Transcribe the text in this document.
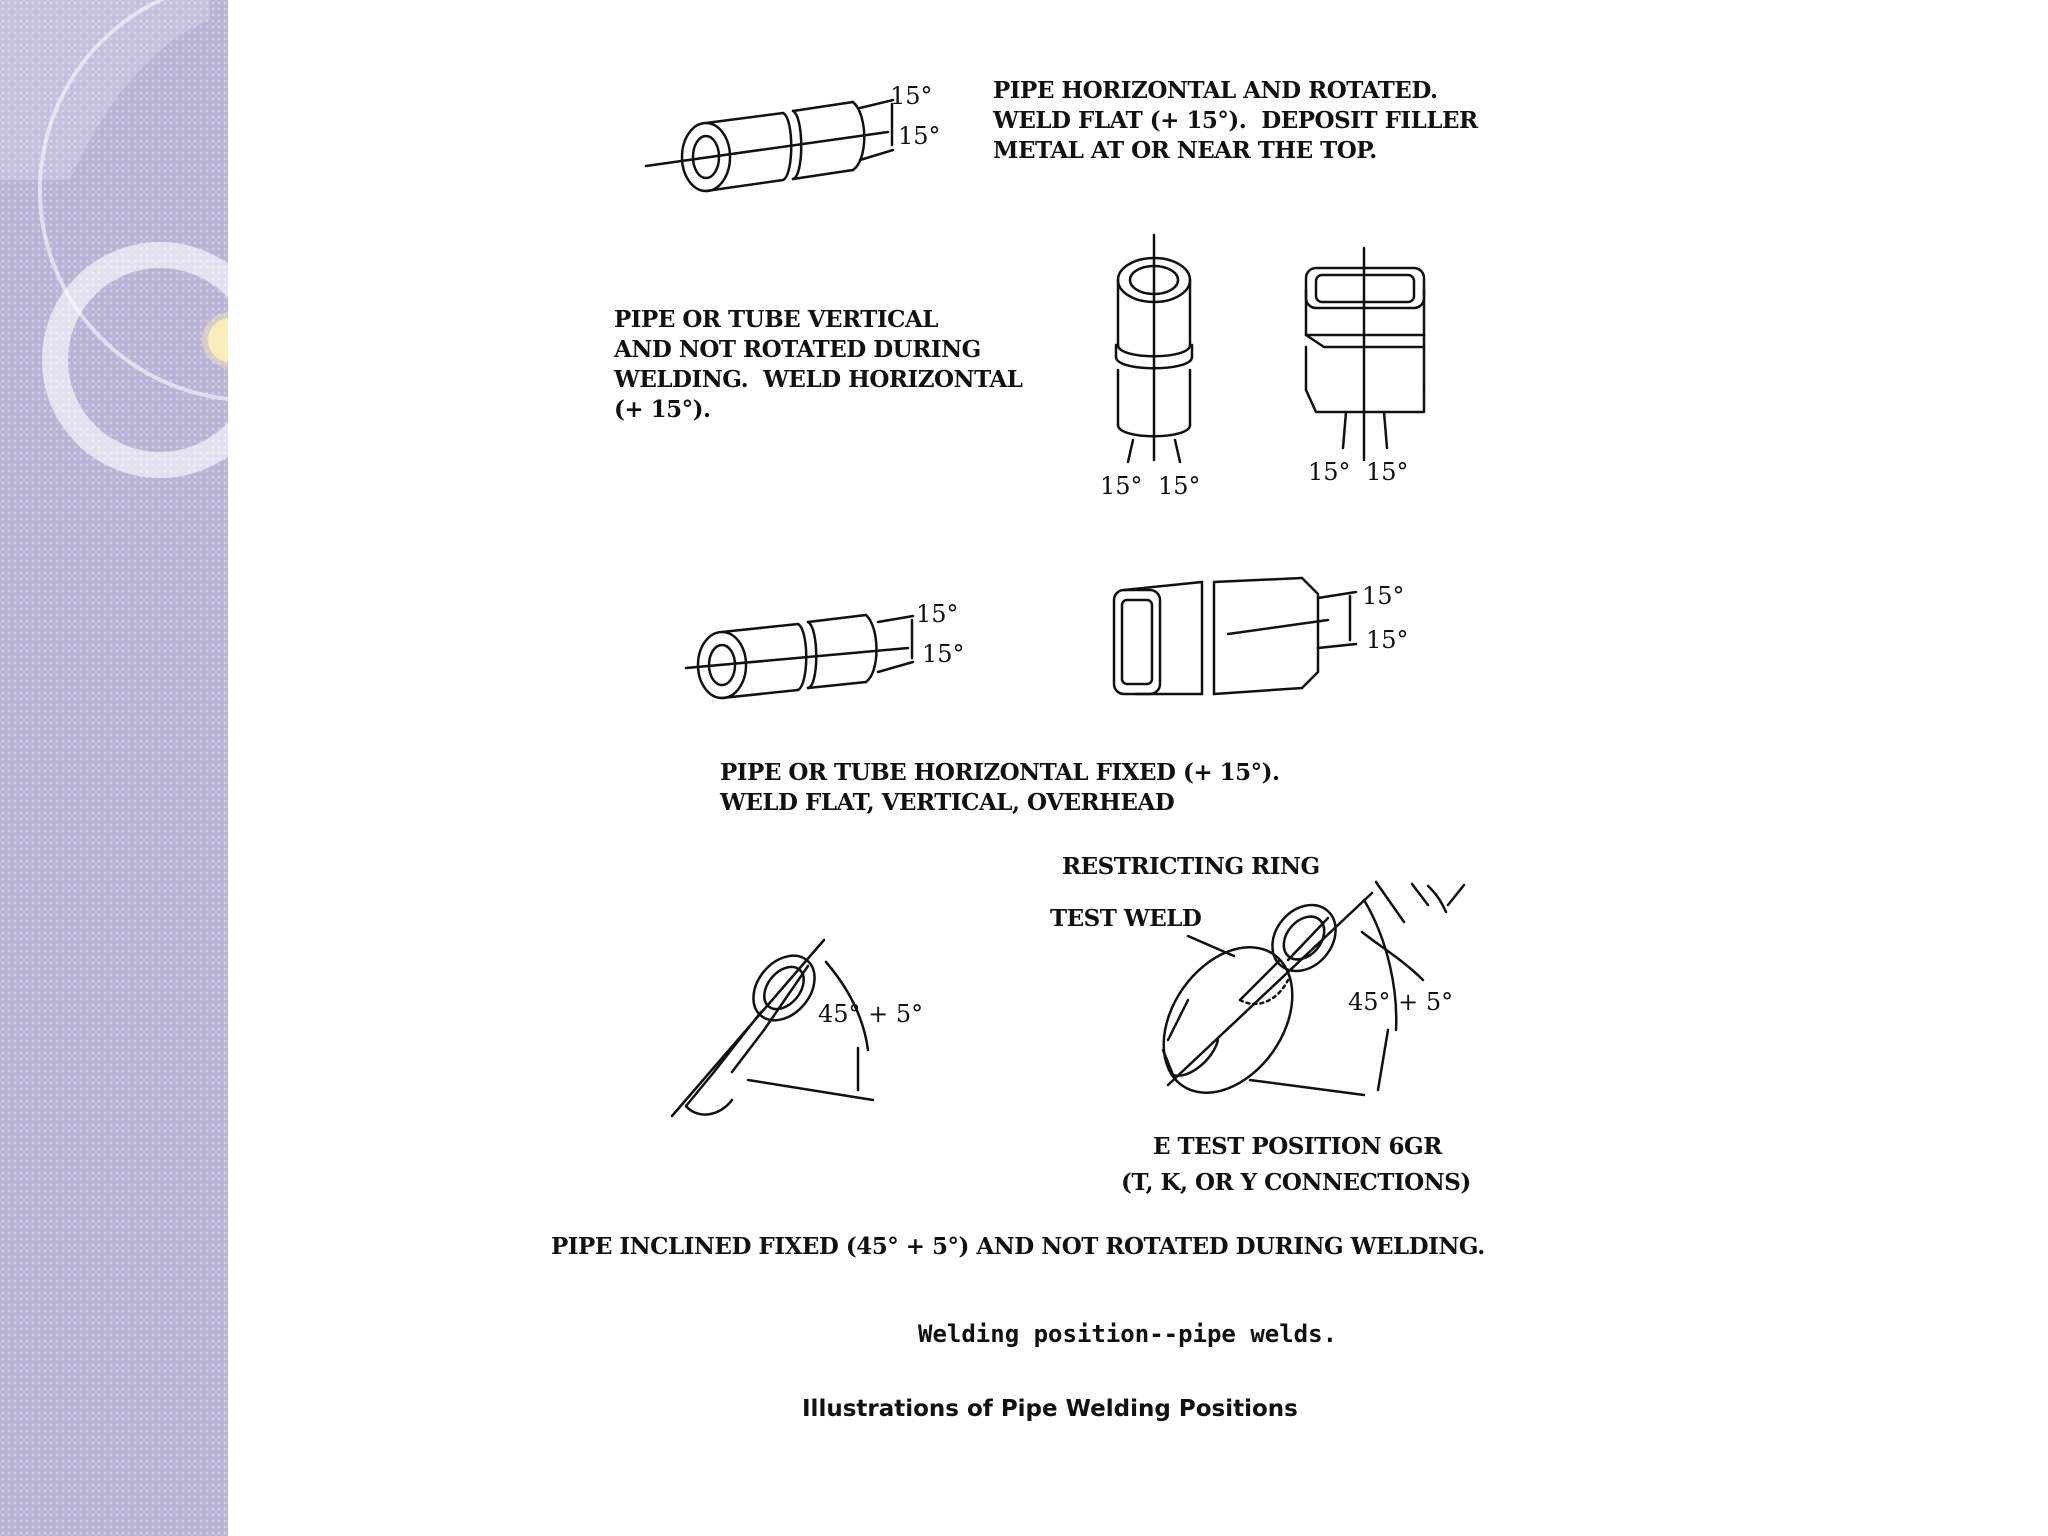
PIPE HORIZONTAL AND ROTATED.
WELD FLAT (+ 15°).  DEPOSIT FILLER
METAL AT OR NEAR THE TOP.
PIPE OR TUBE VERTICAL
AND NOT ROTATED DURING
WELDING.  WELD HORIZONTAL
(+ 15°).
PIPE OR TUBE HORIZONTAL FIXED (+ 15°).
WELD FLAT, VERTICAL, OVERHEAD
RESTRICTING RING
TEST WELD
E TEST POSITION 6GR
(T, K, OR Y CONNECTIONS)
PIPE INCLINED FIXED (45° + 5°) AND NOT ROTATED DURING WELDING.
15°
15°
15° 15°	15° 15°
15°
15°
15°
15°
45° + 5°	45° + 5°
Welding position--pipe welds.
Illustrations of Pipe Welding Positions
